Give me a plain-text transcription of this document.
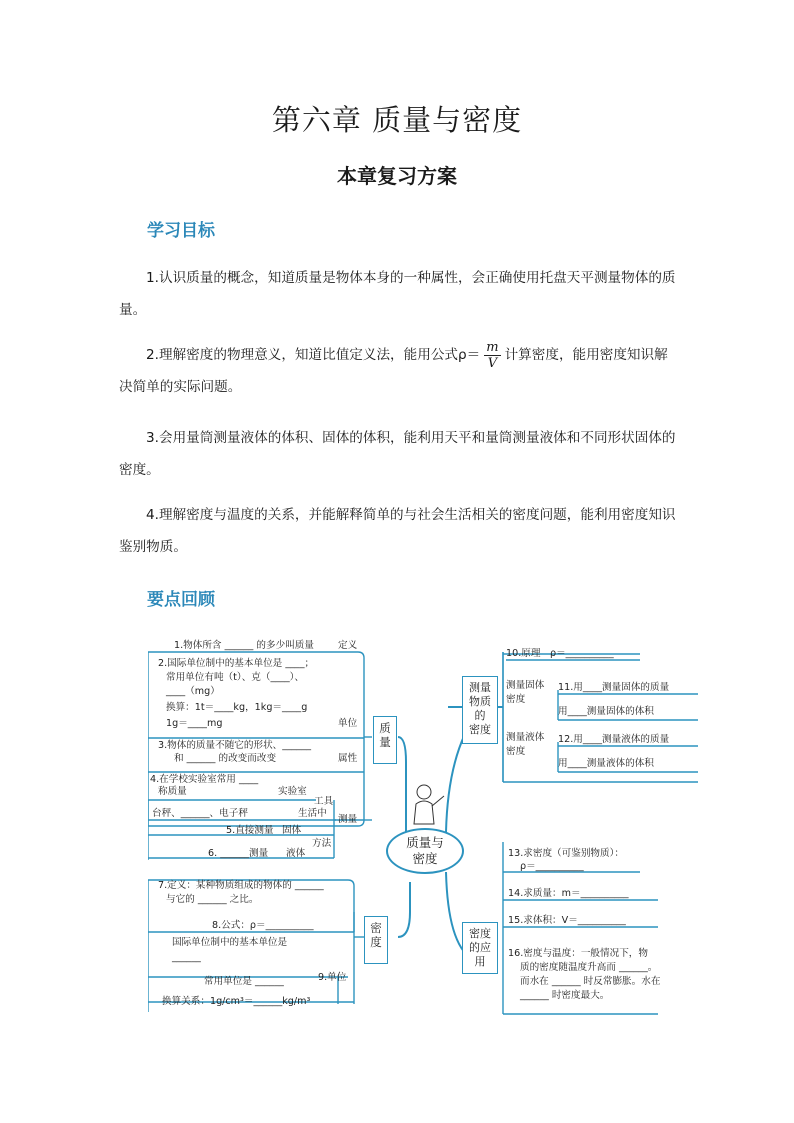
第六章 质量与密度
本章复习方案
学习目标
1.认识质量的概念，知道质量是物体本身的一种属性，会正确使用托盘天平测量物体的质量。
2.理解密度的物理意义，知道比值定义法，能用公式$\rho= \frac{m}{V}$ 计算密度，能用密度知识解决简单的实际问题。
3.会用量筒测量液体的体积、固体的体积，能利用天平和量筒测量液体和不同形状固体的密度。
4.理解密度与温度的关系，并能解释简单的与社会生活相关的密度问题，能利用密度知识鉴别物质。
要点回顾
质量与
密度
质量
密度
测量
物质
的
密度
密度
的应
用
1.物体所含 ______ 的多少叫质量	定义
2.国际单位制中的基本单位是 ____；
常用单位有吨（t）、克（____）、
____（mg）
换算：1t＝____kg，1kg＝____g
1g＝____mg	单位
3.物体的质量不随它的形状、______
和 ______ 的改变而改变	属性
4.在学校实验室常用 ____
称质量	实验室
工具
台秤、______、电子秤	生活中
测量
5.直接测量 固体
方法
6. ______测量 液体
7.定义：某种物质组成的物体的 ______
与它的 ______ 之比。
8.公式：ρ＝__________
国际单位制中的基本单位是
______
常用单位是 ______	9.单位
换算关系：1g/cm³＝______kg/m³
10.原理 ρ＝__________
测量固体
密度
11.用____测量固体的质量
用____测量固体的体积
测量液体
密度
12.用____测量液体的质量
用____测量液体的体积
13.求密度（可鉴别物质）：
ρ＝__________
14.求质量：m＝__________
15.求体积：V＝__________
16.密度与温度：一般情况下，物
质的密度随温度升高而 ______。
而水在 ______ 时反常膨胀。水在
______ 时密度最大。
